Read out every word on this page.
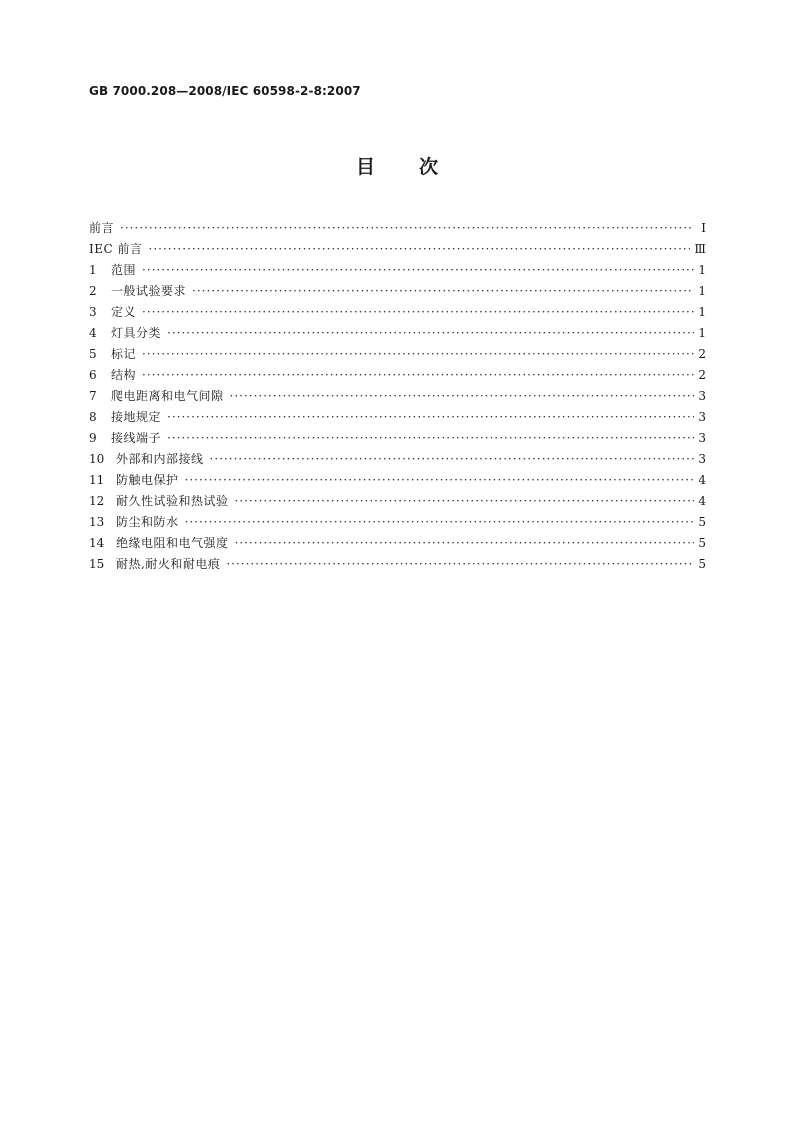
GB 7000.208—2008/IEC 60598-2-8:2007
目次
前言 ·····	Ⅰ
IEC 前言 ·····	Ⅲ
1	范围 ·····	1
2	一般试验要求 ·····	1
3	定义 ·····	1
4	灯具分类 ·····	1
5	标记 ·····	2
6	结构 ·····	2
7	爬电距离和电气间隙 ·····	3
8	接地规定 ·····	3
9	接线端子 ·····	3
10 外部和内部接线 ·····	3
11 防触电保护 ·····	4
12 耐久性试验和热试验 ·····	4
13 防尘和防水 ·····	5
14 绝缘电阻和电气强度 ·····	5
15 耐热,耐火和耐电痕 ·····	5
